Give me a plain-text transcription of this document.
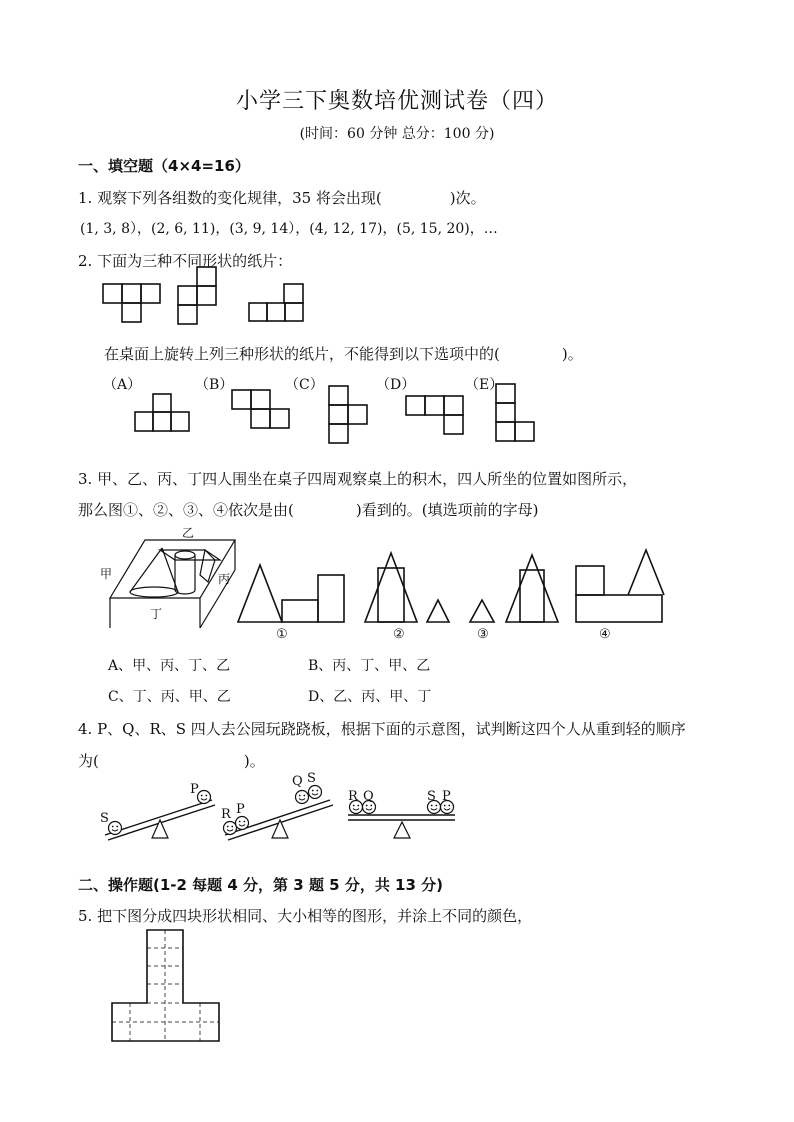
小学三下奥数培优测试卷（四）
(时间：60 分钟 总分：100 分)
一、填空题（4×4=16）
1. 观察下列各组数的变化规律，35 将会出现(	)次。
(1, 3, 8），(2, 6, 11)，(3, 9, 14），(4, 12, 17)，(5, 15, 20)，…
2. 下面为三种不同形状的纸片：
在桌面上旋转上列三种形状的纸片，不能得到以下选项中的(	)。
（A）	（B）	（C）	（D）	（E）
3. 甲、乙、丙、丁四人围坐在桌子四周观察桌上的积木，四人所坐的位置如图所示，
那么图①、②、③、④依次是由(	)看到的。(填选项前的字母)
乙
甲	丙
丁
①	②	③	④
A、甲、丙、丁、乙	B、丙、丁、甲、乙
C、丁、丙、甲、乙	D、乙、丙、甲、丁
4. P、Q、R、S 四人去公园玩跷跷板，根据下面的示意图，试判断这四个人从重到轻的顺序
为(	)。
S
P
R P
Q S
R Q	S P
二、操作题(1-2 每题 4 分，第 3 题 5 分，共 13 分)
5. 把下图分成四块形状相同、大小相等的图形，并涂上不同的颜色，
